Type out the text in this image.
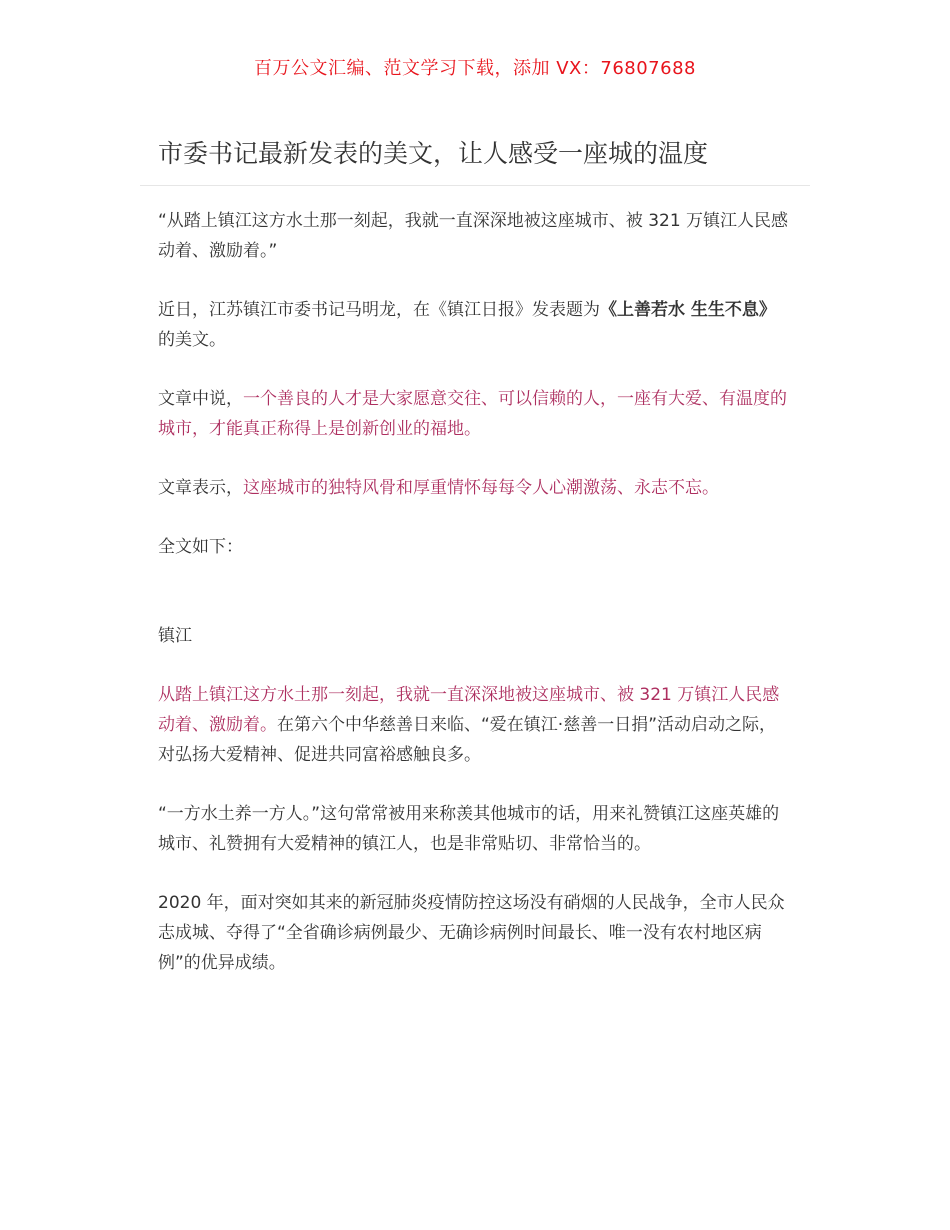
百万公文汇编、范文学习下载，添加 VX：76807688
市委书记最新发表的美文，让人感受一座城的温度

“从踏上镇江这方水土那一刻起，我就一直深深地被这座城市、被 321 万镇江人民感动着、激励着。”

近日，江苏镇江市委书记马明龙，在《镇江日报》发表题为《上善若水 生生不息》的美文。

文章中说，一个善良的人才是大家愿意交往、可以信赖的人，一座有大爱、有温度的城市，才能真正称得上是创新创业的福地。

文章表示，这座城市的独特风骨和厚重情怀每每令人心潮激荡、永志不忘。

全文如下：

镇江

从踏上镇江这方水土那一刻起，我就一直深深地被这座城市、被 321 万镇江人民感动着、激励着。在第六个中华慈善日来临、“爱在镇江·慈善一日捐”活动启动之际，对弘扬大爱精神、促进共同富裕感触良多。

“一方水土养一方人。”这句常常被用来称羡其他城市的话，用来礼赞镇江这座英雄的城市、礼赞拥有大爱精神的镇江人，也是非常贴切、非常恰当的。

2020 年，面对突如其来的新冠肺炎疫情防控这场没有硝烟的人民战争，全市人民众志成城、夺得了“全省确诊病例最少、无确诊病例时间最长、唯一没有农村地区病例”的优异成绩。
